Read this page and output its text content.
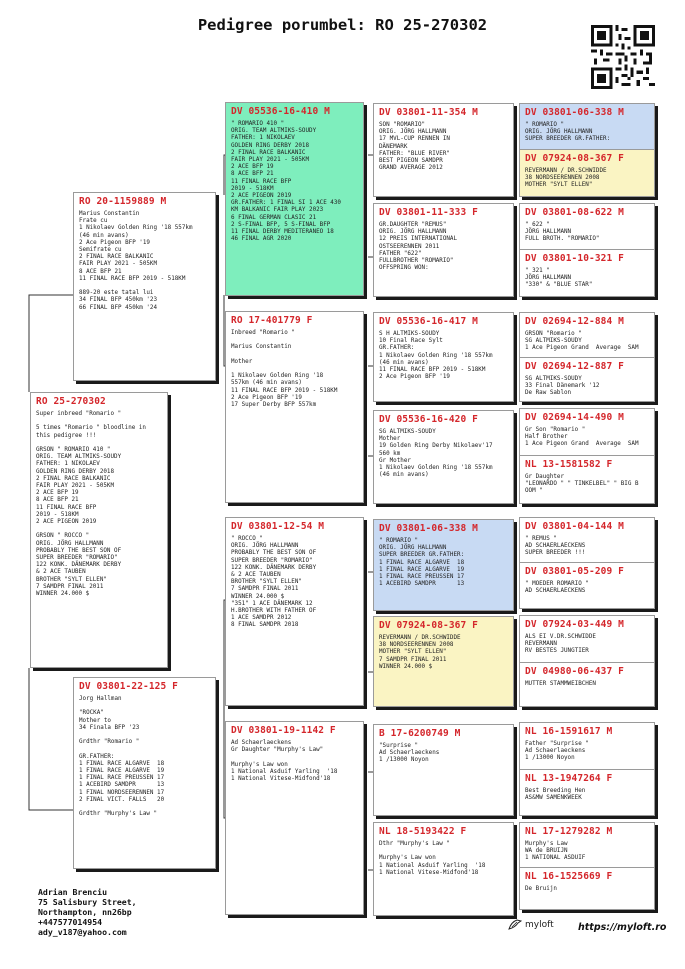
Pedigree porumbel: RO 25-270302
RO 25-270302
Super inbreed "Romario "

5 times "Romario " bloodline in
this pedigree !!!

GRSON " ROMARIO 410 "
ORIG. TEAM ALTMIKS-SOUDY
FATHER: 1 NIKOLAEV
GOLDEN RING DERBY 2018
2 FINAL RACE BALKANIC
FAIR PLAY 2021 - 505KM
2 ACE BFP 19
8 ACE BFP 21
11 FINAL RACE BFP
2019 - 518KM
2 ACE PIGEON 2019

GRSON " ROCCO "
ORIG. JÖRG HALLMANN
PROBABLY THE BEST SON OF
SUPER BREEDER "ROMARIO"
122 KONK. DÄNEMARK DERBY
& 2 ACE TAUBEN
BROTHER "SYLT ELLEN"
7 SAMDPR FINAL 2011
WINNER 24.000 $
RO 20-1159889 M
Marius Constantin
Frate cu
1 Nikolaev Golden Ring '18 557km
(46 min avans)
2 Ace Pigeon BFP '19
Semifrate cu
2 FINAL RACE BALKANIC
FAIR PLAY 2021 - 505KM
8 ACE BFP 21
11 FINAL RACE BFP 2019 - 518KM

889-20 este tatal lui
34 FINAL BFP 450km '23
66 FINAL BFP 450km '24
DV 03801-22-125 F
Jorg Hallman

"ROCKA"
Mother to
34 Finala BFP '23

Grdthr "Romario "

GR.FATHER:
1 FINAL RACE ALGARVE  18
1 FINAL RACE ALGARVE  19
1 FINAL RACE PREUSSEN 17
1 ACEBIRD SAMDPR      13
1 FINAL NORDSEERENNEN 17
2 FINAL VICT. FALLS   20

Grdthr "Murphy's Law "
DV 05536-16-410 M
" ROMARIO 410 "
ORIG. TEAM ALTMIKS-SOUDY
FATHER: 1 NIKOLAEV
GOLDEN RING DERBY 2018
2 FINAL RACE BALKANIC
FAIR PLAY 2021 - 505KM
2 ACE BFP 19
8 ACE BFP 21
11 FINAL RACE BFP
2019 - 518KM
2 ACE PIGEON 2019
GR.FATHER: 1 FINAL SI 1 ACE 430
KM BALKANIC FAIR PLAY 2023
6 FINAL GERMAN CLASIC 21
2 S-FINAL BFP, 5 S-FINAL BFP
11 FINAL DERBY MEDITERANEO 18
46 FINAL AGR 2020
RO 17-401779 F
Inbreed "Romario "

Marius Constantin

Mother

1 Nikolaev Golden Ring '18
557km (46 min avans)
11 FINAL RACE BFP 2019 - 518KM
2 Ace Pigeon BFP '19
17 Super Derby BFP 557km
DV 03801-12-54 M
" ROCCO "
ORIG. JÖRG HALLMANN
PROBABLY THE BEST SON OF
SUPER BREEDER "ROMARIO"
122 KONK. DÄNEMARK DERBY
& 2 ACE TAUBEN
BROTHER "SYLT ELLEN"
7 SAMDPR FINAL 2011
WINNER 24.000 $
"351" 1 ACE DÄNEMARK 12
H.BROTHER WITH FATHER OF
1 ACE SAMDPR 2012
8 FINAL SAMDPR 2018
DV 03801-19-1142 F
Ad Schaerlaeckens
Gr Daughter "Murphy's Law"

Murphy's Law won
1 National Asduif Yarling  '18
1 National Vitese-Midfond'18
DV 03801-11-354 M
SON "ROMARIO"
ORIG. JÖRG HALLMANN
17 MVL-CUP RENNEN IN
DÄNEMARK
FATHER: "BLUE RIVER"
BEST PIGEON SAMDPR
GRAND AVERAGE 2012
DV 03801-11-333 F
GR.DAUGHTER "REMUS"
ORIG. JÖRG HALLMANN
12 PREIS INTERNATIONAL
OSTSEERENNEN 2011
FATHER "622"
FULLBROTHER "ROMARIO"
OFFSPRING WON:
DV 05536-16-417 M
S H ALTMIKS-SOUDY
10 Final Race Sylt
GR.FATHER:
1 Nikolaev Golden Ring '18 557km
(46 min avans)
11 FINAL RACE BFP 2019 - 518KM
2 Ace Pigeon BFP '19
DV 05536-16-420 F
SG ALTMIKS-SOUDY
Mother
19 Golden Ring Derby Nikolaev'17
560 km
Gr Mother
1 Nikolaev Golden Ring '18 557km
(46 min avans)
DV 03801-06-338 M
" ROMARIO "
ORIG. JÖRG HALLMANN
SUPER BREEDER GR.FATHER:
1 FINAL RACE ALGARVE  18
1 FINAL RACE ALGARVE  19
1 FINAL RACE PREUSSEN 17
1 ACEBIRD SAMDPR      13
DV 07924-08-367 F
REVERMANN / DR.SCHWIDDE
38 NORDSEERENNEN 2008
MOTHER "SYLT ELLEN"
7 SAMDPR FINAL 2011
WINNER 24.000 $
B 17-6200749 M
"Surprise "
Ad Schaerlaeckens
1 /13000 Noyon
NL 18-5193422 F
Dthr "Murphy's Law "

Murphy's Law won
1 National Asduif Yarling  '18
1 National Vitese-Midfond'18
DV 03801-06-338 M
" ROMARIO "
ORIG. JÖRG HALLMANN
SUPER BREEDER GR.FATHER:
DV 07924-08-367 F
REVERMANN / DR.SCHWIDDE
38 NORDSEERENNEN 2008
MOTHER "SYLT ELLEN"
DV 03801-08-622 M
" 622 "
JÖRG HALLMANN
FULL BROTH. "ROMARIO"
DV 03801-10-321 F
" 321 "
JÖRG HALLMANN
"330" & "BLUE STAR"
DV 02694-12-884 M
GRSON "Romario "
SG ALTMIKS-SOUDY
1 Ace Pigeon Grand  Average  SAM
DV 02694-12-887 F
SG ALTMIKS-SOUDY
33 Final Dänemark '12
De Raw Sablon
DV 02694-14-490 M
Gr Son "Romario "
Half Brother
1 Ace Pigeon Grand  Average  SAM
NL 13-1581582 F
Gr Daughter
"LEONARDO " " TINKELBEL" " BIG B
OOM "
DV 03801-04-144 M
" REMUS "
AD SCHAERLAECKENS
SUPER BREEDER !!!
DV 03801-05-209 F
" MOEDER ROMARIO "
AD SCHAERLAECKENS
DV 07924-03-449 M
ALS EI V.DR.SCHWIDDE
REVERMANN
RV BESTES JUNGTIER
DV 04980-06-437 F
MUTTER STAMMWEIBCHEN
NL 16-1591617 M
Father "Surprise "
Ad Schaerlaeckens
1 /13000 Noyon
NL 13-1947264 F
Best Breeding Hen
AS&MW SAMENKWEEK
NL 17-1279282 M
Murphy's Law
WA de BRUIJN
1 NATIONAL ASDUIF
NL 16-1525669 F
De Bruijn
Adrian Brenciu
75 Salisbury Street,
Northampton, nn26bp
+447577014954
ady_v187@yahoo.com
myloft	https://myloft.ro
